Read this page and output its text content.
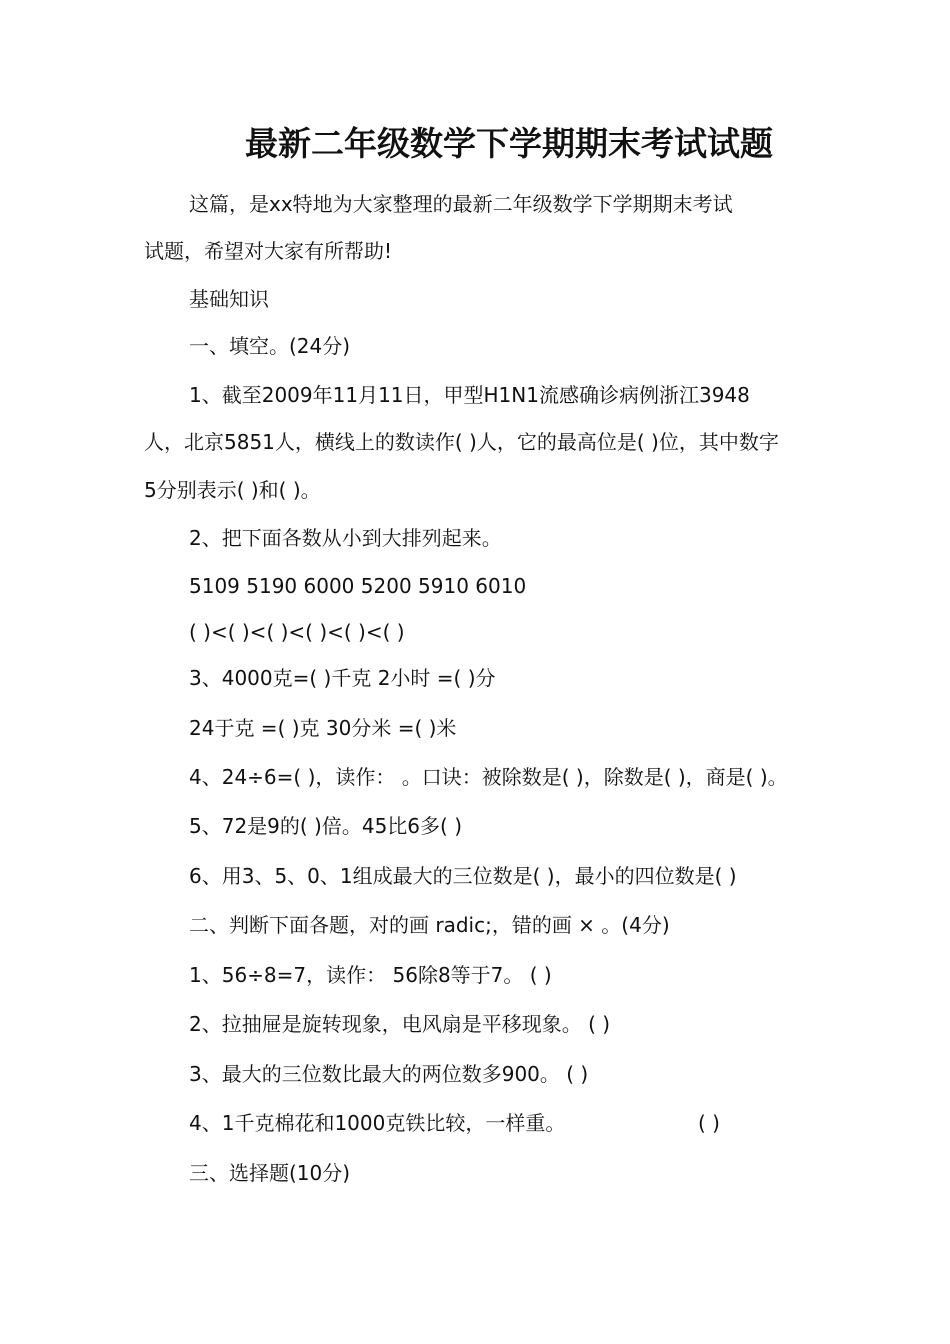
最新二年级数学下学期期末考试试题
这篇，是xx特地为大家整理的最新二年级数学下学期期末考试
试题，希望对大家有所帮助!
基础知识
一、填空。(24分)
1、截至2009年11月11日，甲型H1N1流感确诊病例浙江3948
人，北京5851人，横线上的数读作( )人，它的最高位是( )位，其中数字
5分别表示( )和( )。
2、把下面各数从小到大排列起来。
5109 5190 6000 5200 5910 6010
( )<( )<( )<( )<( )<( )
3、4000克=( )千克 2小时 =( )分
24于克 =( )克 30分米 =( )米
4、24÷6=( )，读作： 。口诀：被除数是( )，除数是( )，商是( )。
5、72是9的( )倍。45比6多( )
6、用3、5、0、1组成最大的三位数是( )，最小的四位数是( )
二、判断下面各题，对的画 radic;，错的画 × 。(4分)
1、56÷8=7，读作： 56除8等于7。 ( )
2、拉抽屉是旋转现象，电风扇是平移现象。 ( )
3、最大的三位数比最大的两位数多900。 ( )
4、1千克棉花和1000克铁比较，一样重。	( )
三、选择题(10分)
